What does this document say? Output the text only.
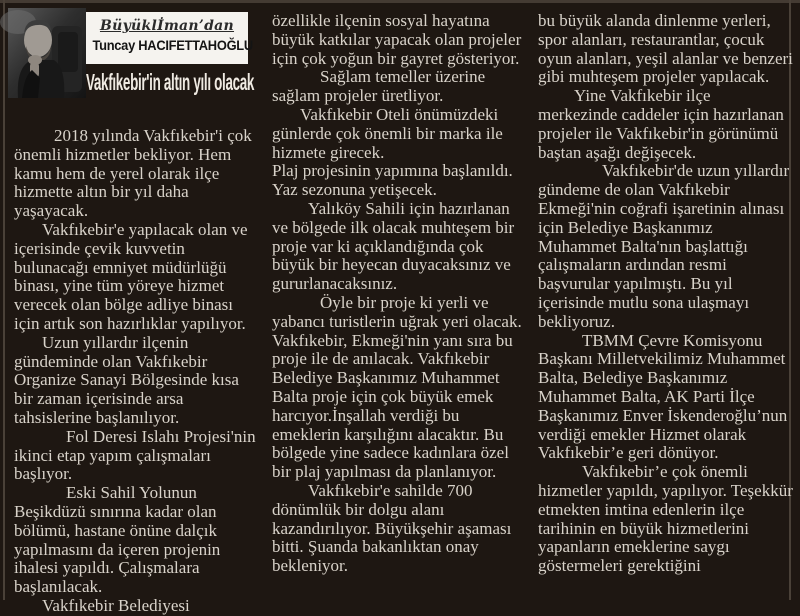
Büyüklİman’dan
Tuncay HACIFETTAHOĞLU
Vakfıkebir'in altın yılı olacak

2018 yılında Vakfıkebir'i çok önemli hizmetler bekliyor. Hem kamu hem de yerel olarak ilçe hizmette altın bir yıl daha yaşayacak.

Vakfıkebir'e yapılacak olan ve içerisinde çevik kuvvetin bulunacağı emniyet müdürlüğü binası, yine tüm yöreye hizmet verecek olan bölge adliye binası için artık son hazırlıklar yapılıyor.

Uzun yıllardır ilçenin gündeminde olan Vakfıkebir Organize Sanayi Bölgesinde kısa bir zaman içerisinde arsa tahsislerine başlanılıyor.

Fol Deresi Islahı Projesi'nin ikinci etap yapım çalışmaları başlıyor.

Eski Sahil Yolunun Beşikdüzü sınırına kadar olan bölümü, hastane önüne dalçık yapılmasını da içeren projenin ihalesi yapıldı. Çalışmalara başlanılacak.

Vakfıkebir Belediyesi

özellikle ilçenin sosyal hayatına büyük katkılar yapacak olan projeler için çok yoğun bir gayret gösteriyor.

Sağlam temeller üzerine sağlam projeler üretliyor.

Vakfıkebir Oteli önümüzdeki günlerde çok önemli bir marka ile hizmete girecek.

Plaj projesinin yapımına başlanıldı. Yaz sezonuna yetişecek.

Yalıköy Sahili için hazırlanan ve bölgede ilk olacak muhteşem bir proje var ki açıklandığında çok büyük bir heyecan duyacaksınız ve gururlanacaksınız.

Öyle bir proje ki yerli ve yabancı turistlerin uğrak yeri olacak. Vakfıkebir, Ekmeği'nin yanı sıra bu proje ile de anılacak. Vakfıkebir Belediye Başkanımız Muhammet Balta proje için çok büyük emek harcıyor.İnşallah verdiği bu emeklerin karşılığını alacaktır. Bu bölgede yine sadece kadınlara özel bir plaj yapılması da planlanıyor.

Vakfıkebir'e sahilde 700 dönümlük bir dolgu alanı kazandırılıyor. Büyükşehir aşaması bitti. Şuanda bakanlıktan onay bekleniyor.

bu büyük alanda dinlenme yerleri, spor alanları, restaurantlar, çocuk oyun alanları, yeşil alanlar ve benzeri gibi muhteşem projeler yapılacak.

Yine Vakfıkebir ilçe merkezinde caddeler için hazırlanan projeler ile Vakfıkebir'in görünümü baştan aşağı değişecek.

Vakfıkebir'de uzun yıllardır gündeme de olan Vakfıkebir Ekmeği'nin coğrafi işaretinin alınası için Belediye Başkanımız Muhammet Balta'nın başlattığı çalışmaların ardından resmi başvurular yapılmıştı. Bu yıl içerisinde mutlu sona ulaşmayı bekliyoruz.

TBMM Çevre Komisyonu Başkanı Milletvekilimiz Muhammet Balta, Belediye Başkanımız Muhammet Balta, AK Parti İlçe Başkanımız Enver İskenderoğlu’nun verdiği emekler Hizmet olarak Vakfıkebir’e geri dönüyor.

Vakfıkebir’e çok önemli hizmetler yapıldı, yapılıyor. Teşekkür etmekten imtina edenlerin ilçe tarihinin en büyük hizmetlerini yapanların emeklerine saygı göstermeleri gerektiğini
